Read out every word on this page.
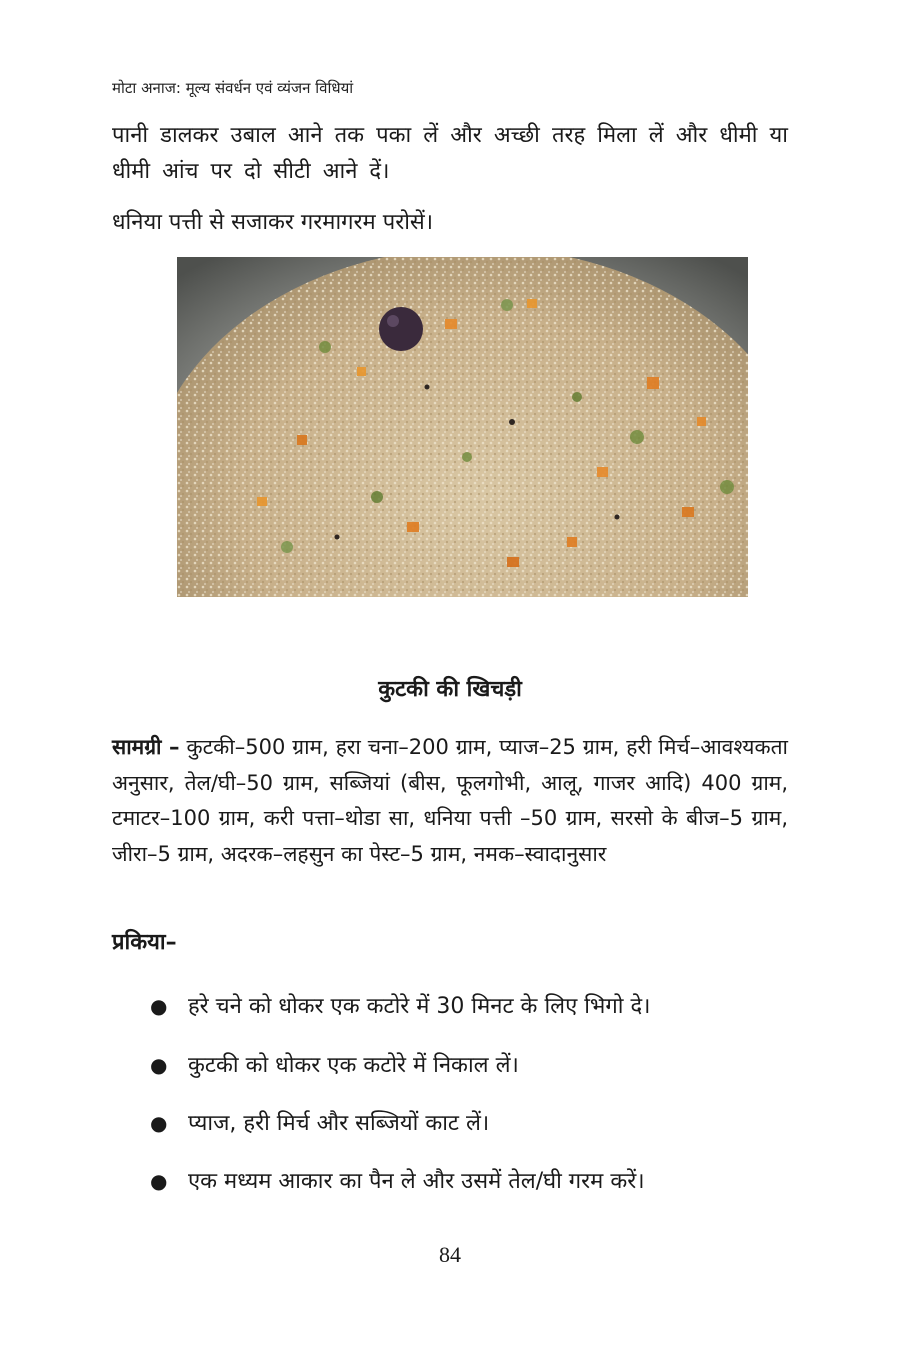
मोटा अनाज: मूल्य संवर्धन एवं व्यंजन विधियां

पानी डालकर उबाल आने तक पका लें और अच्छी तरह मिला लें और धीमी या धीमी आंच पर दो सीटी आने दें।

धनिया पत्ती से सजाकर गरमागरम परोसें।

कुटकी की खिचड़ी

सामग्री – कुटकी–500 ग्राम, हरा चना–200 ग्राम, प्याज–25 ग्राम, हरी मिर्च–आवश्यकता अनुसार, तेल/घी–50 ग्राम, सब्जियां (बीस, फूलगोभी, आलू, गाजर आदि) 400 ग्राम, टमाटर–100 ग्राम, करी पत्ता–थोडा सा, धनिया पत्ती –50 ग्राम, सरसो के बीज–5 ग्राम, जीरा–5 ग्राम, अदरक–लहसुन का पेस्ट–5 ग्राम, नमक–स्वादानुसार

प्रकिया–
● हरे चने को धोकर एक कटोरे में 30 मिनट के लिए भिगो दे।
● कुटकी को धोकर एक कटोरे में निकाल लें।
● प्याज, हरी मिर्च और सब्जियों काट लें।
● एक मध्यम आकार का पैन ले और उसमें तेल/घी गरम करें।
84
